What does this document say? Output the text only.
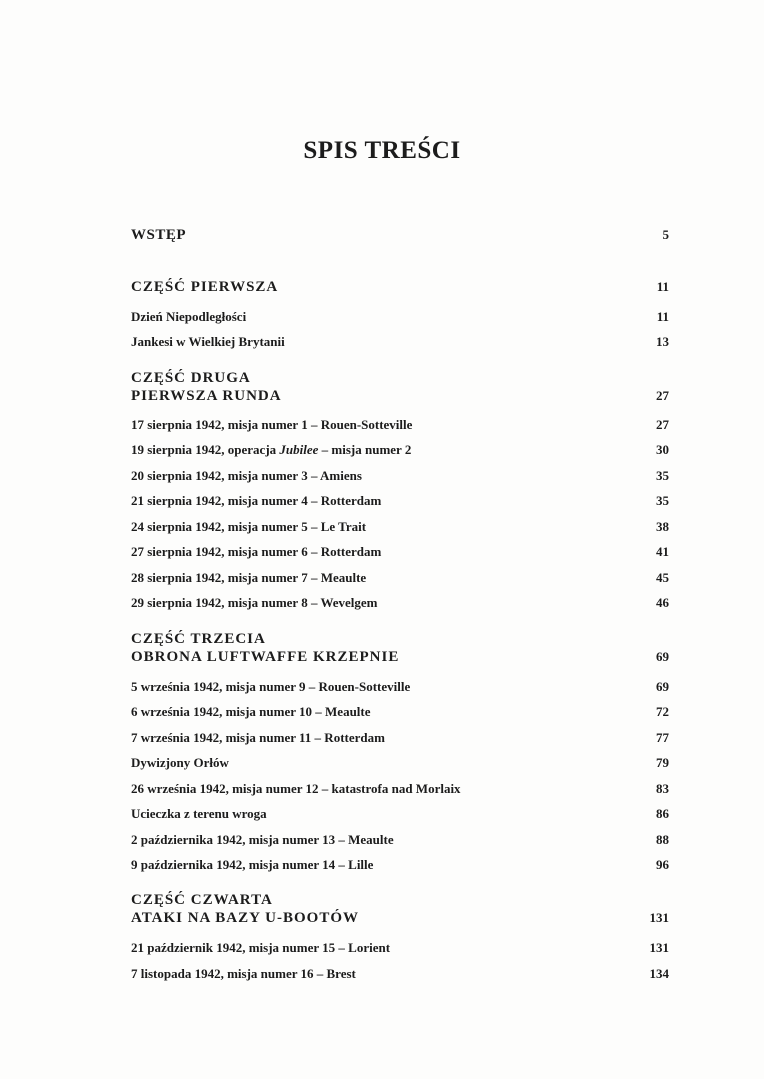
SPIS TREŚCI
WSTĘP	5
CZĘŚĆ PIERWSZA	11
Dzień Niepodległości	11
Jankesi w Wielkiej Brytanii	13
CZĘŚĆ DRUGA
PIERWSZA RUNDA	27
17 sierpnia 1942, misja numer 1 – Rouen-Sotteville	27
19 sierpnia 1942, operacja Jubilee – misja numer 2	30
20 sierpnia 1942, misja numer 3 – Amiens	35
21 sierpnia 1942, misja numer 4 – Rotterdam	35
24 sierpnia 1942, misja numer 5 – Le Trait	38
27 sierpnia 1942, misja numer 6 – Rotterdam	41
28 sierpnia 1942, misja numer 7 – Meaulte	45
29 sierpnia 1942, misja numer 8 – Wevelgem	46
CZĘŚĆ TRZECIA
OBRONA LUFTWAFFE KRZEPNIE	69
5 września 1942, misja numer 9 – Rouen-Sotteville	69
6 września 1942, misja numer 10 – Meaulte	72
7 września 1942, misja numer 11 – Rotterdam	77
Dywizjony Orłów	79
26 września 1942, misja numer 12 – katastrofa nad Morlaix	83
Ucieczka z terenu wroga	86
2 października 1942, misja numer 13 – Meaulte	88
9 października 1942, misja numer 14 – Lille	96
CZĘŚĆ CZWARTA
ATAKI NA BAZY U-BOOTÓW	131
21 październik 1942, misja numer 15 – Lorient	131
7 listopada 1942, misja numer 16 – Brest	134
